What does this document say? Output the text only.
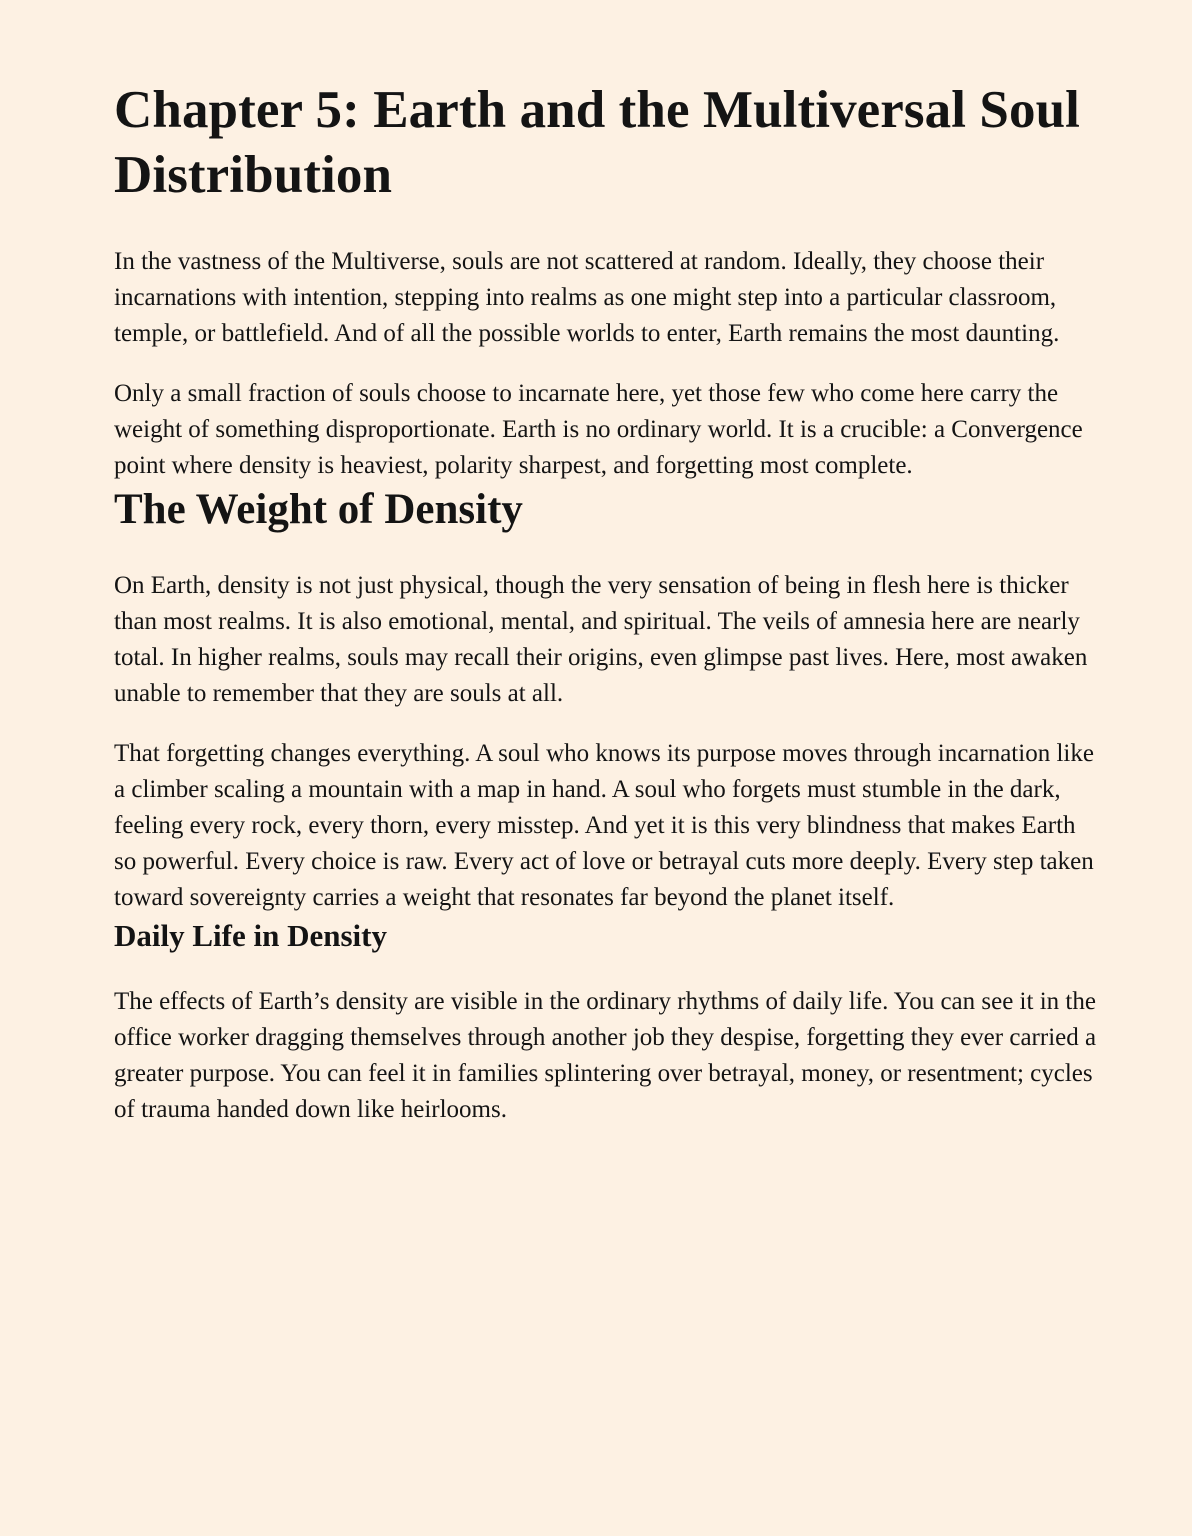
Chapter 5: Earth and the Multiversal Soul Distribution

In the vastness of the Multiverse, souls are not scattered at random. Ideally, they choose their incarnations with intention, stepping into realms as one might step into a particular classroom, temple, or battlefield. And of all the possible worlds to enter, Earth remains the most daunting.

Only a small fraction of souls choose to incarnate here, yet those few who come here carry the weight of something disproportionate. Earth is no ordinary world. It is a crucible: a Convergence point where density is heaviest, polarity sharpest, and forgetting most complete.

The Weight of Density

On Earth, density is not just physical, though the very sensation of being in flesh here is thicker than most realms. It is also emotional, mental, and spiritual. The veils of amnesia here are nearly total. In higher realms, souls may recall their origins, even glimpse past lives. Here, most awaken unable to remember that they are souls at all.

That forgetting changes everything. A soul who knows its purpose moves through incarnation like a climber scaling a mountain with a map in hand. A soul who forgets must stumble in the dark, feeling every rock, every thorn, every misstep. And yet it is this very blindness that makes Earth so powerful. Every choice is raw. Every act of love or betrayal cuts more deeply. Every step taken toward sovereignty carries a weight that resonates far beyond the planet itself.

Daily Life in Density

The effects of Earth’s density are visible in the ordinary rhythms of daily life. You can see it in the office worker dragging themselves through another job they despise, forgetting they ever carried a greater purpose. You can feel it in families splintering over betrayal, money, or resentment; cycles of trauma handed down like heirlooms.
